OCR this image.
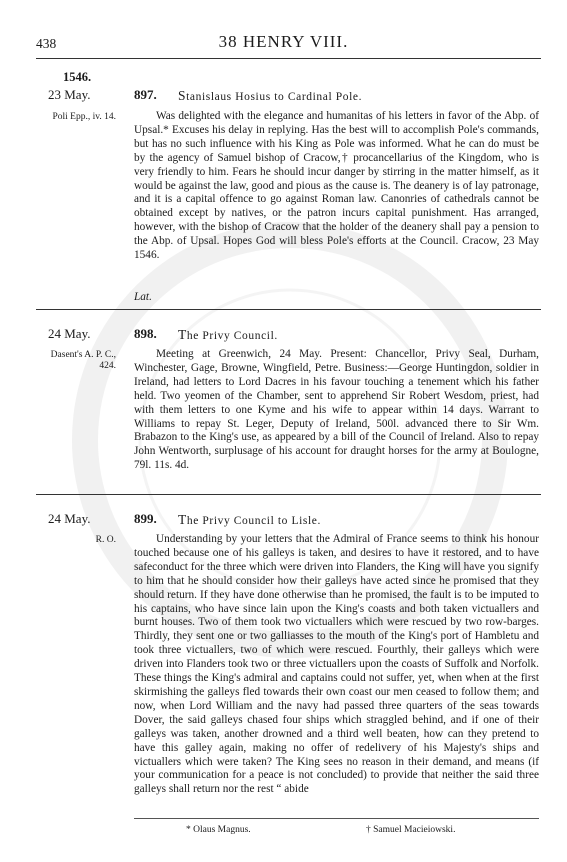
438	38 HENRY VIII.
1546.
23 May.	897. Stanislaus Hosius to Cardinal Pole.
Poli Epp., iv. 14.	Was delighted with the elegance and humanitas of his letters in favor of the Abp. of Upsal.* Excuses his delay in replying. Has the best will to accomplish Pole's commands, but has no such influence with his King as Pole was informed. What he can do must be by the agency of Samuel bishop of Cracow,† procancellarius of the Kingdom, who is very friendly to him. Fears he should incur danger by stirring in the matter himself, as it would be against the law, good and pious as the cause is. The deanery is of lay patronage, and it is a capital offence to go against Roman law. Canonries of cathedrals cannot be obtained except by natives, or the patron incurs capital punishment. Has arranged, however, with the bishop of Cracow that the holder of the deanery shall pay a pension to the Abp. of Upsal. Hopes God will bless Pole's efforts at the Council. Cracow, 23 May 1546.

Lat.
24 May.	898. The Privy Council.
Dasent's A. P. C., 424.

Meeting at Greenwich, 24 May. Present: Chancellor, Privy Seal, Durham, Winchester, Gage, Browne, Wingfield, Petre. Business:—George Huntingdon, soldier in Ireland, had letters to Lord Dacres in his favour touching a tenement which his father held. Two yeomen of the Chamber, sent to apprehend Sir Robert Wesdom, priest, had with them letters to one Kyme and his wife to appear within 14 days. Warrant to Williams to repay St. Leger, Deputy of Ireland, 500l. advanced there to Sir Wm. Brabazon to the King's use, as appeared by a bill of the Council of Ireland. Also to repay John Wentworth, surplusage of his account for draught horses for the army at Boulogne, 79l. 11s. 4d.

24 May.	899. The Privy Council to Lisle.
R. O.	Understanding by your letters that the Admiral of France seems to think his honour touched because one of his galleys is taken, and desires to have it restored, and to have safeconduct for the three which were driven into Flanders, the King will have you signify to him that he should consider how their galleys have acted since he promised that they should return. If they have done otherwise than he promised, the fault is to be imputed to his captains, who have since lain upon the King's coasts and both taken victuallers and burnt houses. Two of them took two victuallers which were rescued by two row-barges. Thirdly, they sent one or two galliasses to the mouth of the King's port of Hambletu and took three victuallers, two of which were rescued. Fourthly, their galleys which were driven into Flanders took two or three victuallers upon the coasts of Suffolk and Norfolk. These things the King's admiral and captains could not suffer, yet, when when at the first skirmishing the galleys fled towards their own coast our men ceased to follow them; and now, when Lord William and the navy had passed three quarters of the seas towards Dover, the said galleys chased four ships which straggled behind, and if one of their galleys was taken, another drowned and a third well beaten, how can they pretend to have this galley again, making no offer of redelivery of his Majesty's ships and victuallers which were taken? The King sees no reason in their demand, and means (if your communication for a peace is not concluded) to provide that neither the said three galleys shall return nor the rest “ abide

* Olaus Magnus.	† Samuel Macieiowski.
